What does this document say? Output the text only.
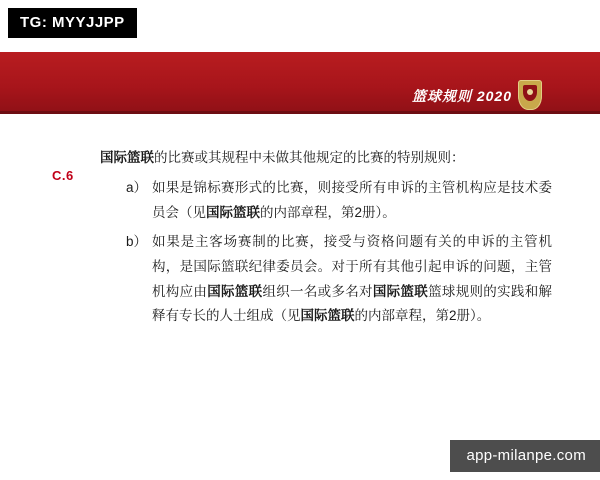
TG: MYYJJPP
篮球规则 2020
C.6
国际篮联的比赛或其规程中未做其他规定的比赛的特别规则：
a） 如果是锦标赛形式的比赛，则接受所有申诉的主管机构应是技术委员会（见国际篮联的内部章程，第2册）。
b） 如果是主客场赛制的比赛，接受与资格问题有关的申诉的主管机构，是国际篮联纪律委员会。对于所有其他引起申诉的问题，主管机构应由国际篮联组织一名或多名对国际篮联篮球规则的实践和解释有专长的人士组成（见国际篮联的内部章程，第2册）。
app-milanpe.com
